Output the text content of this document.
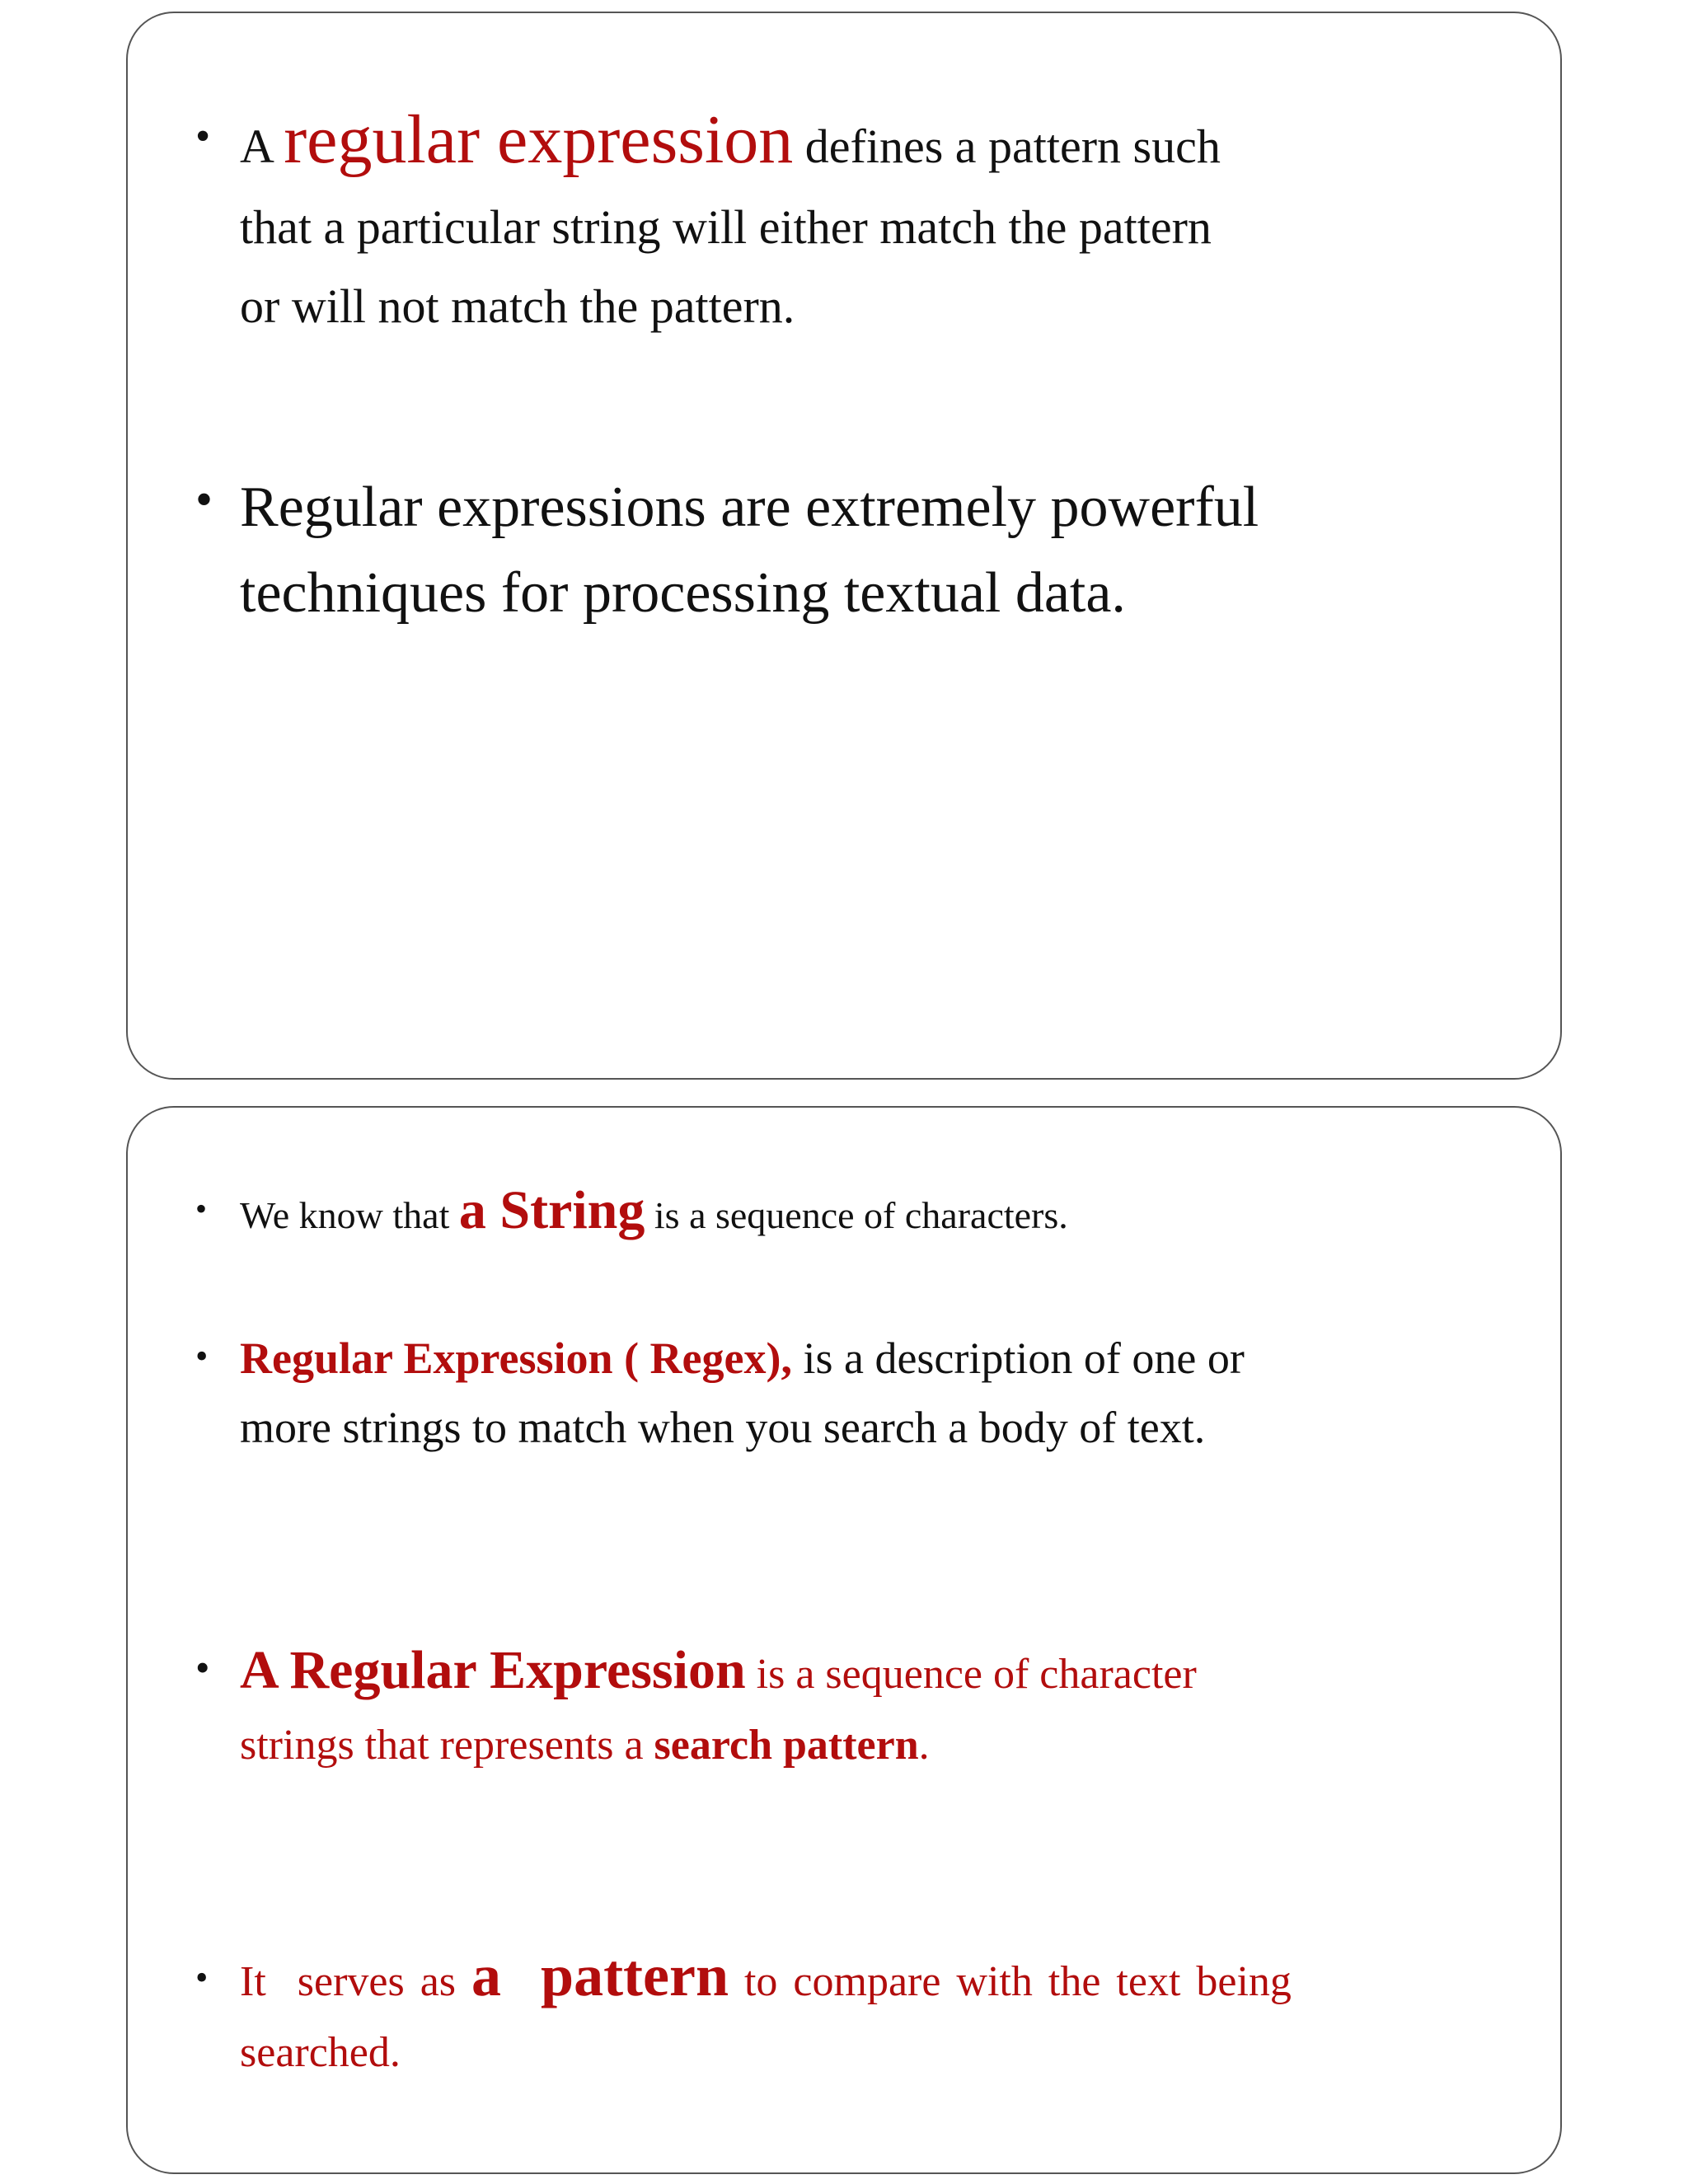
• A regular expression defines a pattern such
that a particular string will either match the pattern
or will not match the pattern.
• Regular expressions are extremely powerful
techniques for processing textual data.
• We know that a String is a sequence of characters.
• Regular Expression ( Regex), is a description of one or
more strings to match when you search a body of text.
• A Regular Expression is a sequence of character
strings that represents a search pattern.
• It  serves as a  pattern to compare with the text being
searched.
